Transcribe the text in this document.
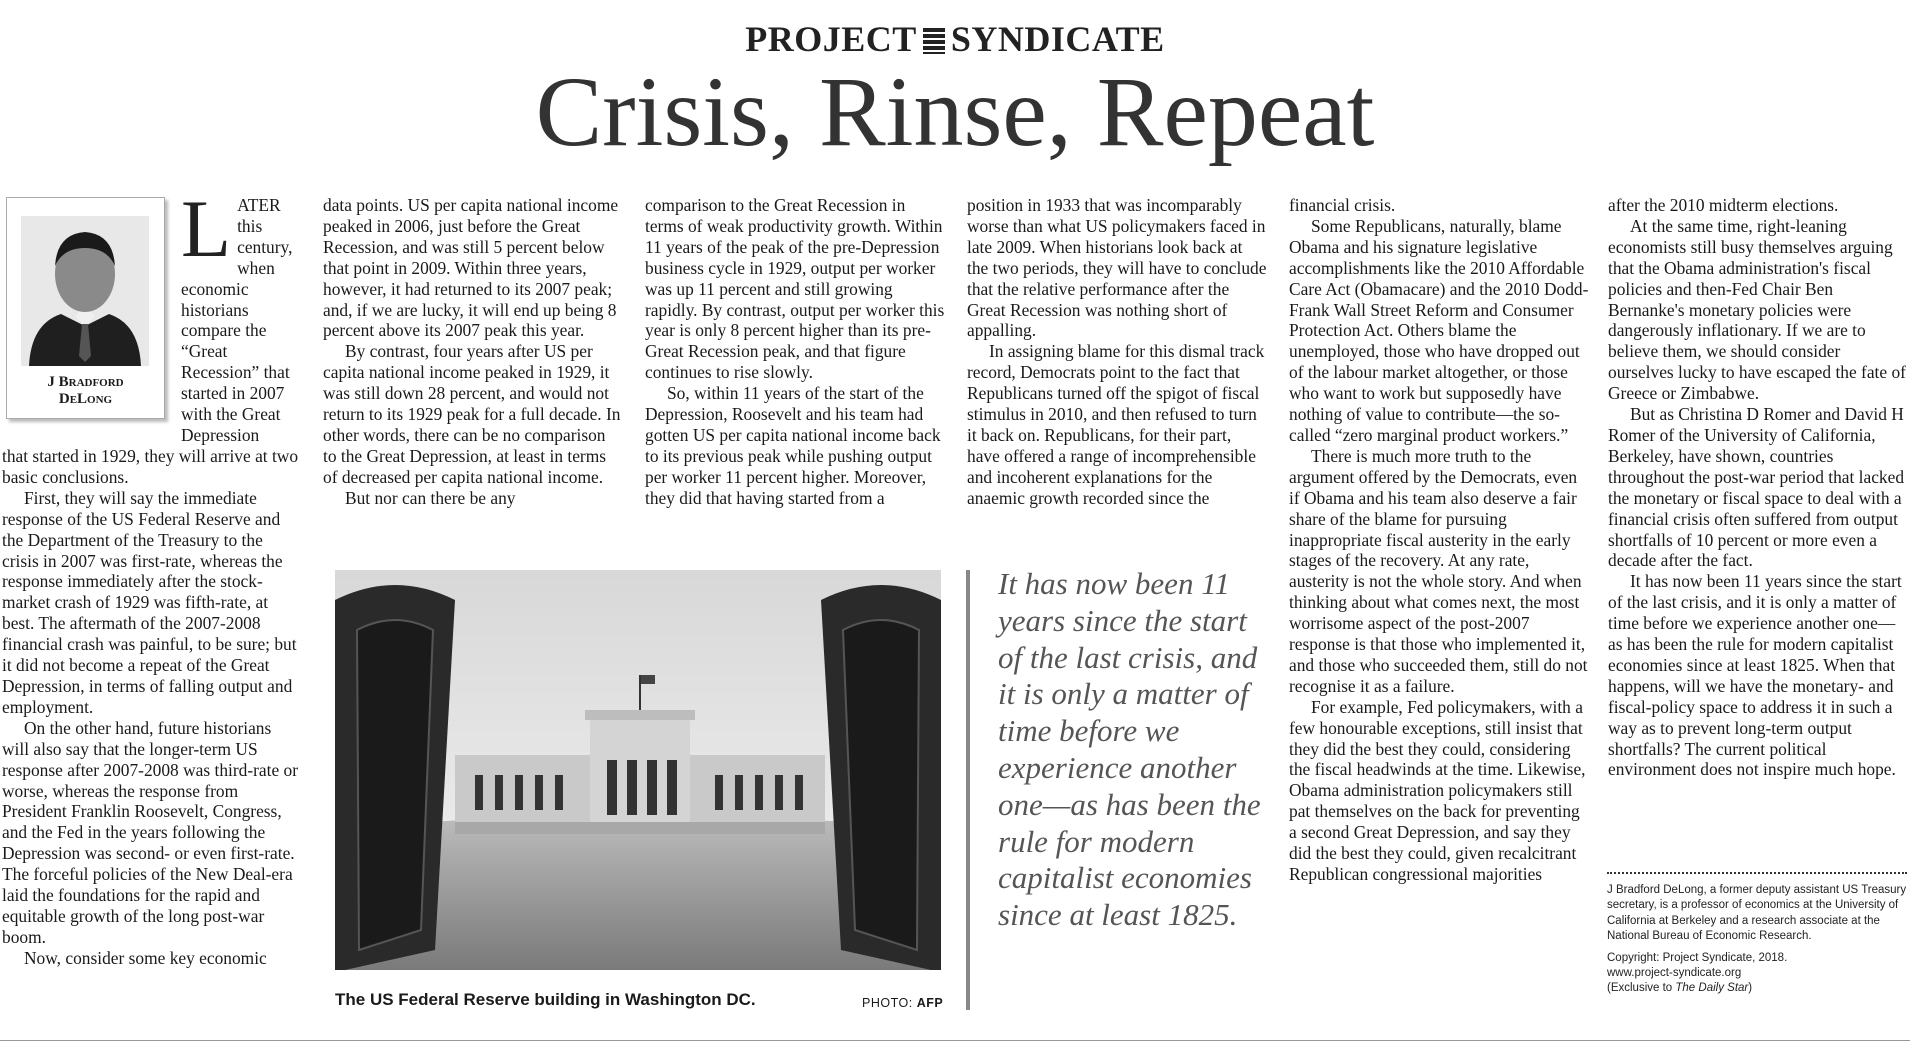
PROJECT SYNDICATE
Crisis, Rinse, Repeat
J Bradford
DeLong

LATER this century, when economic historians compare the “Great Recession” that started in 2007 with the Great Depression

that started in 1929, they will arrive at two basic conclusions.

First, they will say the immediate response of the US Federal Reserve and the Department of the Treasury to the crisis in 2007 was first-rate, whereas the response immediately after the stock-market crash of 1929 was fifth-rate, at best. The aftermath of the 2007-2008 financial crash was painful, to be sure; but it did not become a repeat of the Great Depression, in terms of falling output and employment.

On the other hand, future historians will also say that the longer-term US response after 2007-2008 was third-rate or worse, whereas the response from President Franklin Roosevelt, Congress, and the Fed in the years following the Depression was second- or even first-rate. The forceful policies of the New Deal-era laid the foundations for the rapid and equitable growth of the long post-war boom.

Now, consider some key economic

data points. US per capita national income peaked in 2006, just before the Great Recession, and was still 5 percent below that point in 2009. Within three years, however, it had returned to its 2007 peak; and, if we are lucky, it will end up being 8 percent above its 2007 peak this year.

By contrast, four years after US per capita national income peaked in 1929, it was still down 28 percent, and would not return to its 1929 peak for a full decade. In other words, there can be no comparison to the Great Depression, at least in terms of decreased per capita national income.

But nor can there be any

comparison to the Great Recession in terms of weak productivity growth. Within 11 years of the peak of the pre-Depression business cycle in 1929, output per worker was up 11 percent and still growing rapidly. By contrast, output per worker this year is only 8 percent higher than its pre-Great Recession peak, and that figure continues to rise slowly.

So, within 11 years of the start of the Depression, Roosevelt and his team had gotten US per capita national income back to its previous peak while pushing output per worker 11 percent higher. Moreover, they did that having started from a

position in 1933 that was incomparably worse than what US policymakers faced in late 2009. When historians look back at the two periods, they will have to conclude that the relative performance after the Great Recession was nothing short of appalling.

In assigning blame for this dismal track record, Democrats point to the fact that Republicans turned off the spigot of fiscal stimulus in 2010, and then refused to turn it back on. Republicans, for their part, have offered a range of incomprehensible and incoherent explanations for the anaemic growth recorded since the

financial crisis.

Some Republicans, naturally, blame Obama and his signature legislative accomplishments like the 2010 Affordable Care Act (Obamacare) and the 2010 Dodd-Frank Wall Street Reform and Consumer Protection Act. Others blame the unemployed, those who have dropped out of the labour market altogether, or those who want to work but supposedly have nothing of value to contribute—the so-called “zero marginal product workers.”

There is much more truth to the argument offered by the Democrats, even if Obama and his team also deserve a fair share of the blame for pursuing inappropriate fiscal austerity in the early stages of the recovery. At any rate, austerity is not the whole story. And when thinking about what comes next, the most worrisome aspect of the post-2007 response is that those who implemented it, and those who succeeded them, still do not recognise it as a failure.

For example, Fed policymakers, with a few honourable exceptions, still insist that they did the best they could, considering the fiscal headwinds at the time. Likewise, Obama administration policymakers still pat themselves on the back for preventing a second Great Depression, and say they did the best they could, given recalcitrant Republican congressional majorities

after the 2010 midterm elections.

At the same time, right-leaning economists still busy themselves arguing that the Obama administration's fiscal policies and then-Fed Chair Ben Bernanke's monetary policies were dangerously inflationary. If we are to believe them, we should consider ourselves lucky to have escaped the fate of Greece or Zimbabwe.

But as Christina D Romer and David H Romer of the University of California, Berkeley, have shown, countries throughout the post-war period that lacked the monetary or fiscal space to deal with a financial crisis often suffered from output shortfalls of 10 percent or more even a decade after the fact.

It has now been 11 years since the start of the last crisis, and it is only a matter of time before we experience another one—as has been the rule for modern capitalist economies since at least 1825. When that happens, will we have the monetary- and fiscal-policy space to address it in such a way as to prevent long-term output shortfalls? The current political environment does not inspire much hope.

The US Federal Reserve building in Washington DC.	PHOTO: AFP
It has now been 11 years since the start of the last crisis, and it is only a matter of time before we experience another one—as has been the rule for modern capitalist economies since at least 1825.

J Bradford DeLong, a former deputy assistant US Treasury secretary, is a professor of economics at the University of California at Berkeley and a research associate at the National Bureau of Economic Research.

Copyright: Project Syndicate, 2018.

www.project-syndicate.org

(Exclusive to The Daily Star)
